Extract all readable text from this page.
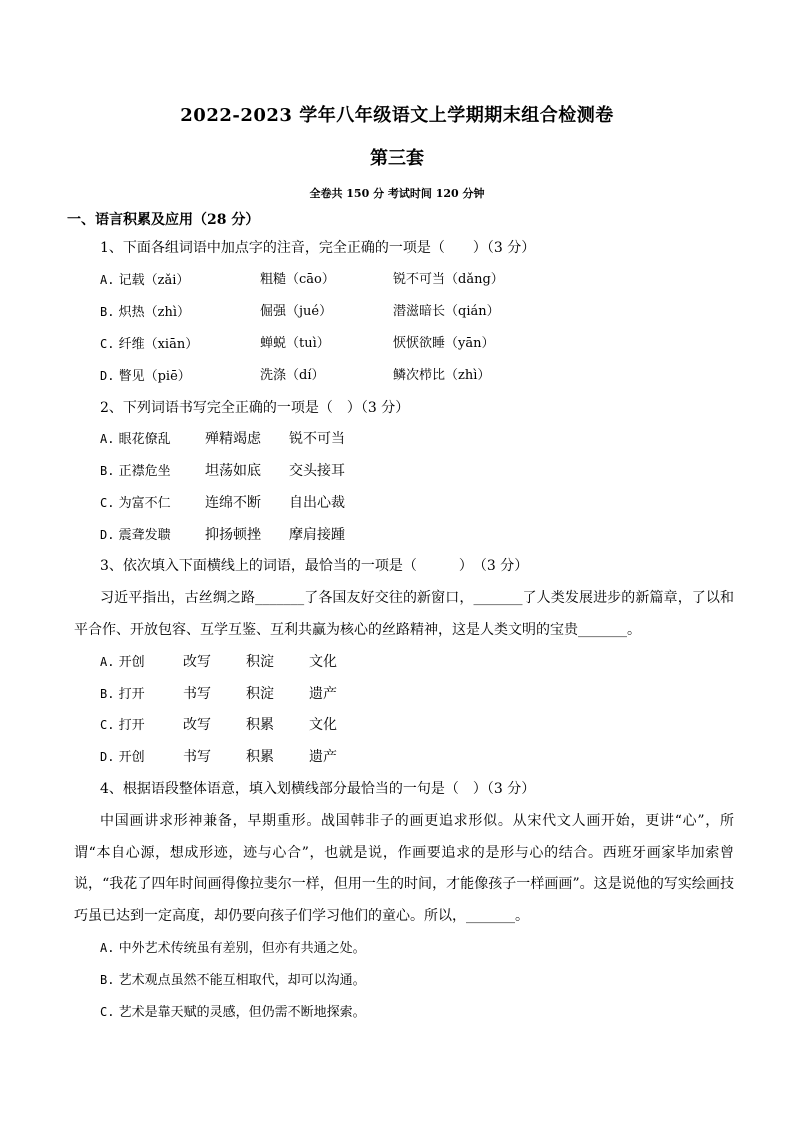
2022-2023 学年八年级语文上学期期末组合检测卷
第三套
全卷共 150 分 考试时间 120 分钟
一、语言积累及应用（28 分）
1、下面各组词语中加点字的注音，完全正确的一项是（　　）（3 分）
A. 记载（zǎi）	粗糙（cāo）	锐不可当（dǎng）
B. 炽热（zhì）	倔强（jué）	潜滋暗长（qián）
C. 纤维（xiān）	蝉蜕（tuì）	恹恹欲睡（yān）
D. 瞥见（piē）	洗涤（dí）	鳞次栉比（zhì）
2、下列词语书写完全正确的一项是（　）（3 分）
A. 眼花僚乱 殚精竭虑 锐不可当
B. 正襟危坐 坦荡如底 交头接耳
C. 为富不仁 连绵不断 自出心裁
D. 震聋发聩 抑扬顿挫 摩肩接踵
3、依次填入下面横线上的词语，最恰当的一项是（　　　）　（3 分）
习近平指出，古丝绸之路_______了各国友好交往的新窗口，_______了人类发展进步的新篇章，了以和平合作、开放包容、互学互鉴、互利共赢为核心的丝路精神，这是人类文明的宝贵_______。
A. 开创	改写	积淀	文化
B. 打开	书写	积淀	遗产
C. 打开	改写	积累	文化
D. 开创	书写	积累	遗产
4、根据语段整体语意，填入划横线部分最恰当的一句是（　）（3 分）
中国画讲求形神兼备，早期重形。战国韩非子的画更追求形似。从宋代文人画开始，更讲“心”，所谓“本自心源，想成形迹，迹与心合”，也就是说，作画要追求的是形与心的结合。西班牙画家毕加索曾说，“我花了四年时间画得像拉斐尔一样，但用一生的时间，才能像孩子一样画画”。这是说他的写实绘画技巧虽已达到一定高度，却仍要向孩子们学习他们的童心。所以，_______。
A. 中外艺术传统虽有差别，但亦有共通之处。
B. 艺术观点虽然不能互相取代，却可以沟通。
C. 艺术是靠天赋的灵感，但仍需不断地探索。
